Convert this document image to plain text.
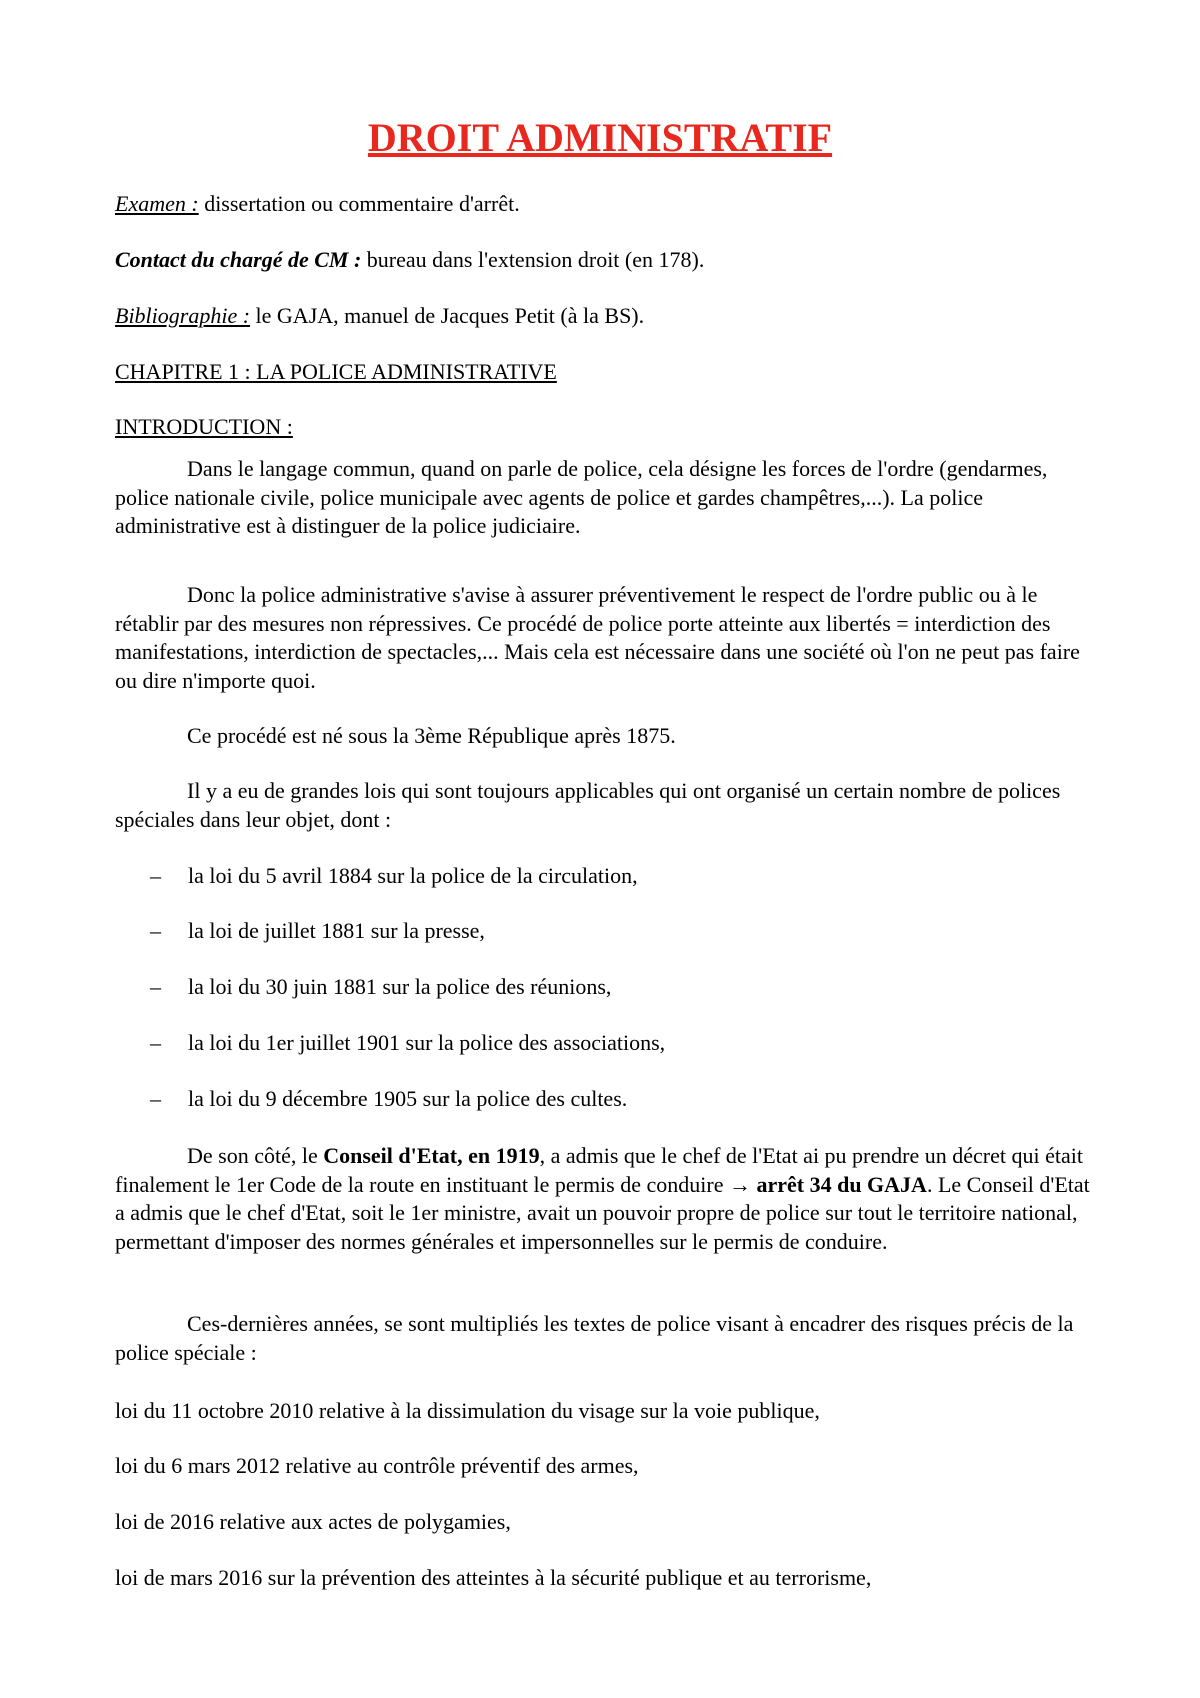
DROIT ADMINISTRATIF
Examen : dissertation ou commentaire d'arrêt.
Contact du chargé de CM : bureau dans l'extension droit (en 178).
Bibliographie : le GAJA, manuel de Jacques Petit (à la BS).
CHAPITRE 1 : LA POLICE ADMINISTRATIVE
INTRODUCTION :

Dans le langage commun, quand on parle de police, cela désigne les forces de l'ordre (gendarmes, police nationale civile, police municipale avec agents de police et gardes champêtres,...). La police administrative est à distinguer de la police judiciaire.

Donc la police administrative s'avise à assurer préventivement le respect de l'ordre public ou à le rétablir par des mesures non répressives. Ce procédé de police porte atteinte aux libertés = interdiction des manifestations, interdiction de spectacles,... Mais cela est nécessaire dans une société où l'on ne peut pas faire ou dire n'importe quoi.

Ce procédé est né sous la 3ème République après 1875.

Il y a eu de grandes lois qui sont toujours applicables qui ont organisé un certain nombre de polices spéciales dans leur objet, dont :

– la loi du 5 avril 1884 sur la police de la circulation,
– la loi de juillet 1881 sur la presse,
– la loi du 30 juin 1881 sur la police des réunions,
– la loi du 1er juillet 1901 sur la police des associations,
– la loi du 9 décembre 1905 sur la police des cultes.

De son côté, le Conseil d'Etat, en 1919, a admis que le chef de l'Etat ai pu prendre un décret qui était finalement le 1er Code de la route en instituant le permis de conduire → arrêt 34 du GAJA. Le Conseil d'Etat a admis que le chef d'Etat, soit le 1er ministre, avait un pouvoir propre de police sur tout le territoire national, permettant d'imposer des normes générales et impersonnelles sur le permis de conduire.

Ces-dernières années, se sont multipliés les textes de police visant à encadrer des risques précis de la police spéciale :

loi du 11 octobre 2010 relative à la dissimulation du visage sur la voie publique,
loi du 6 mars 2012 relative au contrôle préventif des armes,
loi de 2016 relative aux actes de polygamies,
loi de mars 2016 sur la prévention des atteintes à la sécurité publique et au terrorisme,
